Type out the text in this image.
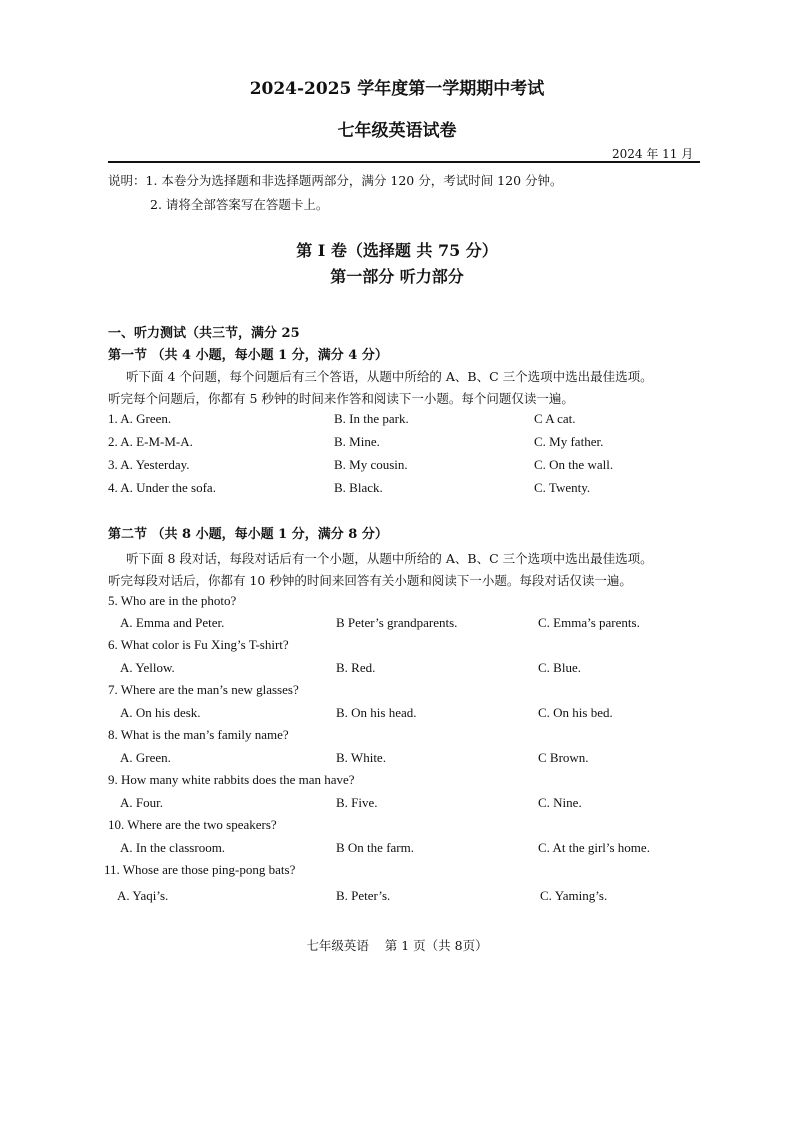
2024-2025 学年度第一学期期中考试
七年级英语试卷
2024 年 11 月
说明：1. 本卷分为选择题和非选择题两部分，满分 120 分，考试时间 120 分钟。
2. 请将全部答案写在答题卡上。
第 I 卷（选择题 共 75 分）
第一部分 听力部分
一、听力测试（共三节，满分 25
第一节 （共 4 小题，每小题 1 分，满分 4 分）
听下面 4 个问题，每个问题后有三个答语，从题中所给的 A、B、C 三个选项中选出最佳选项。
听完每个问题后，你都有 5 秒钟的时间来作答和阅读下一小题。每个问题仅读一遍。
1. A. Green.	B. In the park.	C A cat.
2. A. E-M-M-A.	B. Mine.	C. My father.
3. A. Yesterday.	B. My cousin.	C. On the wall.
4. A. Under the sofa.	B. Black.	C. Twenty.
第二节 （共 8 小题，每小题 1 分，满分 8 分）
听下面 8 段对话，每段对话后有一个小题，从题中所给的 A、B、C 三个选项中选出最佳选项。
听完每段对话后，你都有 10 秒钟的时间来回答有关小题和阅读下一小题。每段对话仅读一遍。
5. Who are in the photo?
A. Emma and Peter.	B Peter’s grandparents.	C. Emma’s parents.
6. What color is Fu Xing’s T-shirt?
A. Yellow.	B. Red.	C. Blue.
7. Where are the man’s new glasses?
A. On his desk.	B. On his head.	C. On his bed.
8. What is the man’s family name?
A. Green.	B. White.	C Brown.
9. How many white rabbits does the man have?
A. Four.	B. Five.	C. Nine.
10. Where are the two speakers?
A. In the classroom.	B On the farm.	C. At the girl’s home.
11. Whose are those ping-pong bats?
A. Yaqi’s.	B. Peter’s.	C. Yaming’s.
七年级英语    第 1 页（共 8页）
